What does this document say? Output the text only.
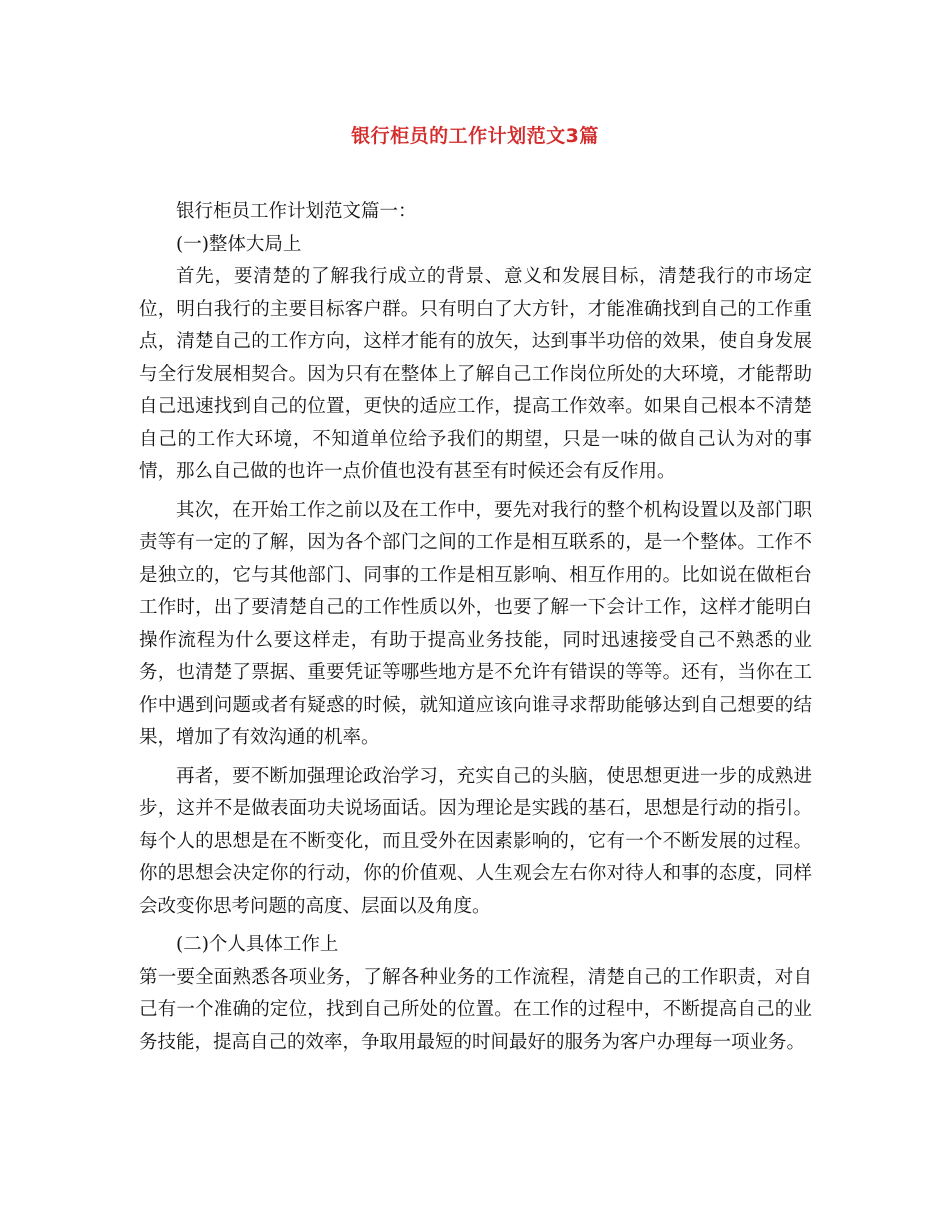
银行柜员的工作计划范文3篇

银行柜员工作计划范文篇一：

(一)整体大局上

首先，要清楚的了解我行成立的背景、意义和发展目标，清楚我行的市场定位，明白我行的主要目标客户群。只有明白了大方针，才能准确找到自己的工作重点，清楚自己的工作方向，这样才能有的放矢，达到事半功倍的效果，使自身发展与全行发展相契合。因为只有在整体上了解自己工作岗位所处的大环境，才能帮助自己迅速找到自己的位置，更快的适应工作，提高工作效率。如果自己根本不清楚自己的工作大环境，不知道单位给予我们的期望，只是一味的做自己认为对的事情，那么自己做的也许一点价值也没有甚至有时候还会有反作用。

其次，在开始工作之前以及在工作中，要先对我行的整个机构设置以及部门职责等有一定的了解，因为各个部门之间的工作是相互联系的，是一个整体。工作不是独立的，它与其他部门、同事的工作是相互影响、相互作用的。比如说在做柜台工作时，出了要清楚自己的工作性质以外，也要了解一下会计工作，这样才能明白操作流程为什么要这样走，有助于提高业务技能，同时迅速接受自己不熟悉的业务，也清楚了票据、重要凭证等哪些地方是不允许有错误的等等。还有，当你在工作中遇到问题或者有疑惑的时候，就知道应该向谁寻求帮助能够达到自己想要的结果，增加了有效沟通的机率。

再者，要不断加强理论政治学习，充实自己的头脑，使思想更进一步的成熟进步，这并不是做表面功夫说场面话。因为理论是实践的基石，思想是行动的指引。每个人的思想是在不断变化，而且受外在因素影响的，它有一个不断发展的过程。你的思想会决定你的行动，你的价值观、人生观会左右你对待人和事的态度，同样会改变你思考问题的高度、层面以及角度。

(二)个人具体工作上

第一要全面熟悉各项业务，了解各种业务的工作流程，清楚自己的工作职责，对自己有一个准确的定位，找到自己所处的位置。在工作的过程中，不断提高自己的业务技能，提高自己的效率，争取用最短的时间最好的服务为客户办理每一项业务。
